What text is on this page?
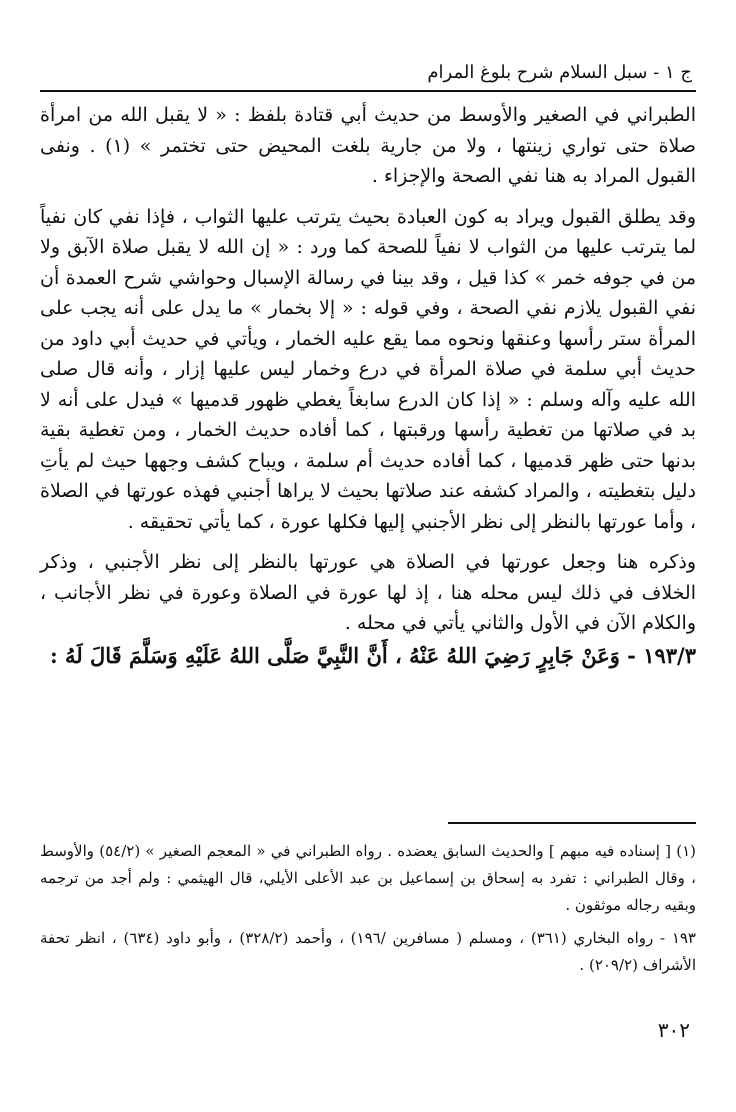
ج ١ - سبل السلام شرح بلوغ المرام

الطبراني في الصغير والأوسط من حديث أبي قتادة بلفظ : « لا يقبل الله من امرأة صلاة حتى تواري زينتها ، ولا من جارية بلغت المحيض حتى تختمر » (١) . ونفى القبول المراد به هنا نفي الصحة والإجزاء .

وقد يطلق القبول ويراد به كون العبادة بحيث يترتب عليها الثواب ، فإذا نفي كان نفياً لما يترتب عليها من الثواب لا نفياً للصحة كما ورد : « إن الله لا يقبل صلاة الآبق ولا من في جوفه خمر » كذا قيل ، وقد بينا في رسالة الإسبال وحواشي شرح العمدة أن نفي القبول يلازم نفي الصحة ، وفي قوله : « إلا بخمار » ما يدل على أنه يجب على المرأة ستر رأسها وعنقها ونحوه مما يقع عليه الخمار ، ويأتي في حديث أبي داود من حديث أبي سلمة في صلاة المرأة في درع وخمار ليس عليها إزار ، وأنه قال صلى الله عليه وآله وسلم : « إذا كان الدرع سابغاً يغطي ظهور قدميها » فيدل على أنه لا بد في صلاتها من تغطية رأسها ورقبتها ، كما أفاده حديث الخمار ، ومن تغطية بقية بدنها حتى ظهر قدميها ، كما أفاده حديث أم سلمة ، ويباح كشف وجهها حيث لم يأتِ دليل بتغطيته ، والمراد كشفه عند صلاتها بحيث لا يراها أجنبي فهذه عورتها في الصلاة ، وأما عورتها بالنظر إلى نظر الأجنبي إليها فكلها عورة ، كما يأتي تحقيقه .

وذكره هنا وجعل عورتها في الصلاة هي عورتها بالنظر إلى نظر الأجنبي ، وذكر الخلاف في ذلك ليس محله هنا ، إذ لها عورة في الصلاة وعورة في نظر الأجانب ، والكلام الآن في الأول والثاني يأتي في محله .

١٩٣/٣ - وَعَنْ جَابِرٍ رَضِيَ اللهُ عَنْهُ ، أَنَّ النَّبِيَّ صَلَّى اللهُ عَلَيْهِ وَسَلَّمَ قَالَ لَهُ :

(١) [ إسناده فيه مبهم ] والحديث السابق يعضده . رواه الطبراني في « المعجم الصغير » (٥٤/٢) والأوسط ، وقال الطبراني : تفرد به إسحاق بن إسماعيل بن عبد الأعلى الأيلي، قال الهيثمي : ولم أجد من ترجمه وبقيه رجاله موثقون .

١٩٣ - رواه البخاري (٣٦١) ، ومسلم ( مسافرين /١٩٦) ، وأحمد (٣٢٨/٢) ، وأبو داود (٦٣٤) ، انظر تحفة الأشراف (٢٠٩/٢) .

٣٠٢
